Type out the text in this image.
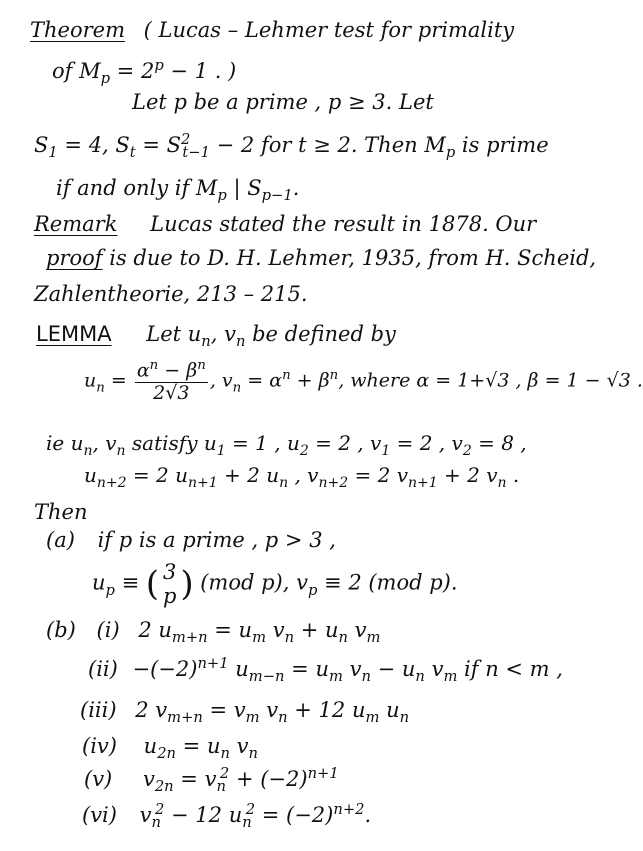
Theorem ( Lucas – Lehmer test for primality
of $M_p = 2^p - 1$ . )
Let p be a prime , p ≥ 3. Let
$S_1 = 4$, $S_t = S^2_{t-1} - 2$ for t ≥ 2. Then $M_p$ is prime
if and only if $M_p$ | $S_{p-1}$.
Remark Lucas stated the result in 1878. Our
proof is due to D. H. Lehmer, 1935, from H. Scheid,
Zahlentheorie, 213 – 215.
LEMMA Let $u_n$, $v_n$ be defined by
$u_n = \frac{\alpha^n - \beta^n}{2√3}$ , $v_n = \alpha^n + \beta^n$, where α = 1+√3 , β = 1 − √3 .
ie $u_n$, $v_n$ satisfy $u_1 = 1$ , $u_2 = 2$ , $v_1 = 2$ , $v_2 = 8$ ,
$u_{n+2} = 2$ $u_{n+1} + 2$ $u_n$ , $v_{n+2} = 2$ $v_{n+1} + 2$ $v_n$ .
Then
(a) if p is a prime , p > 3 ,
$u_p$ ≡ ( 3
p ) (mod p), $v_p \equiv 2$ (mod p).
(b) (i) 2 $u_{m+n} = u_m$ $v_n + u_n$ $v_m$
$(ii) -(-2)^{n+1}$ $u_{m-n} = u_m$ $v_n - u_n$ $v_m$ if n < m ,
(iii) 2 $v_{m+n} = v_m$ $v_n + 12$ $u_m$ $u_n$
(iv) $u_{2n} = u_n$ $v_n$
(v) $v_{2n} = v_n^2 + (-2)^{n+1}$
(vi) $v_n^2 - 12$ $u_n^2 = (-2)^{n+2}$.
